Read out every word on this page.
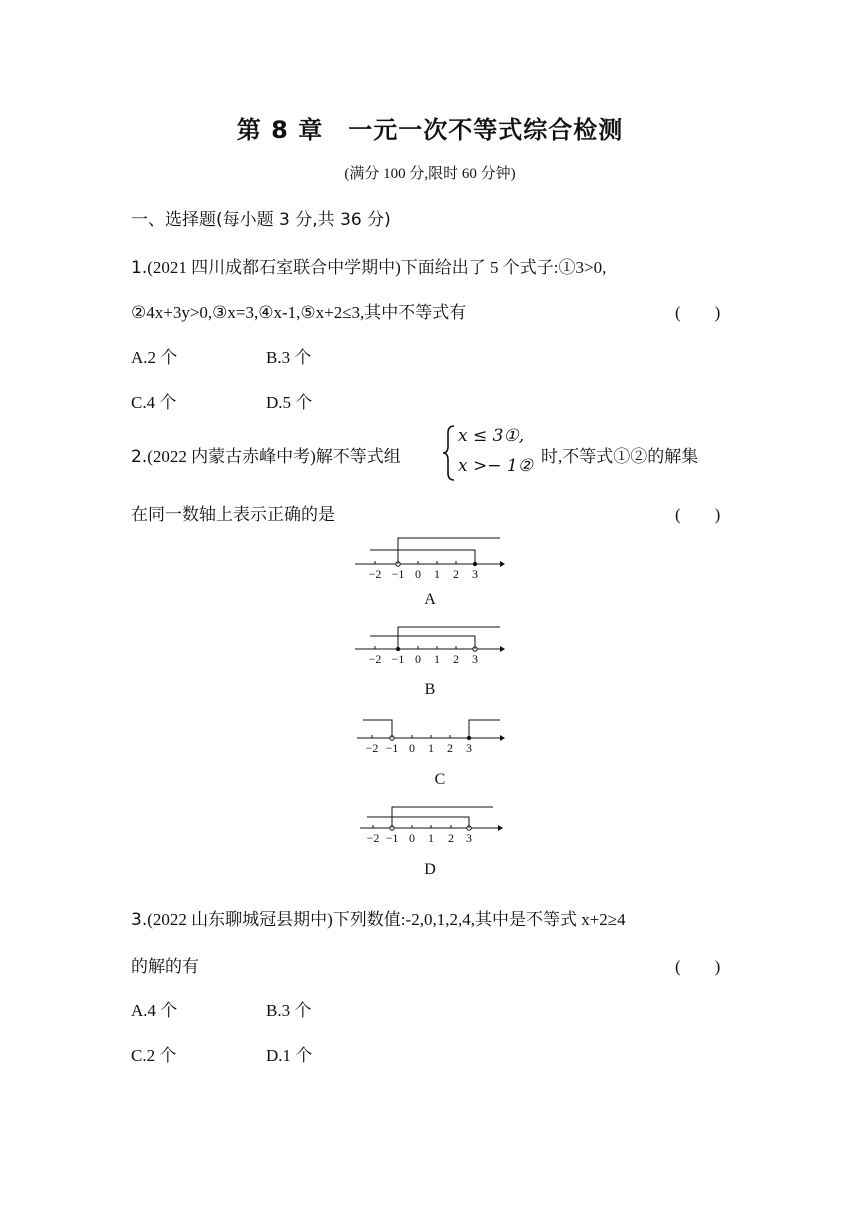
第 8 章　一元一次不等式综合检测
(满分 100 分,限时 60 分钟)
一、选择题(每小题 3 分,共 36 分)
1.(2021 四川成都石室联合中学期中)下面给出了 5 个式子:①3>0,
②4x+3y>0,③x=3,④x-1,⑤x+2≤3,其中不等式有	(　　)
A.2 个	B.3 个
C.4 个	D.5 个
2.(2022 内蒙古赤峰中考)解不等式组
x ≤ 3①,
x >− 1② 时,不等式①②的解集
在同一数轴上表示正确的是	(　　)
−2 −1 0 1 2 3
A
−2 −1 0 1 2 3
B
−2 −1 0 1 2 3
C
−2 −1 0 1 2 3
D
3.(2022 山东聊城冠县期中)下列数值:-2,0,1,2,4,其中是不等式 x+2≥4
的解的有	(　　)
A.4 个	B.3 个
C.2 个	D.1 个
